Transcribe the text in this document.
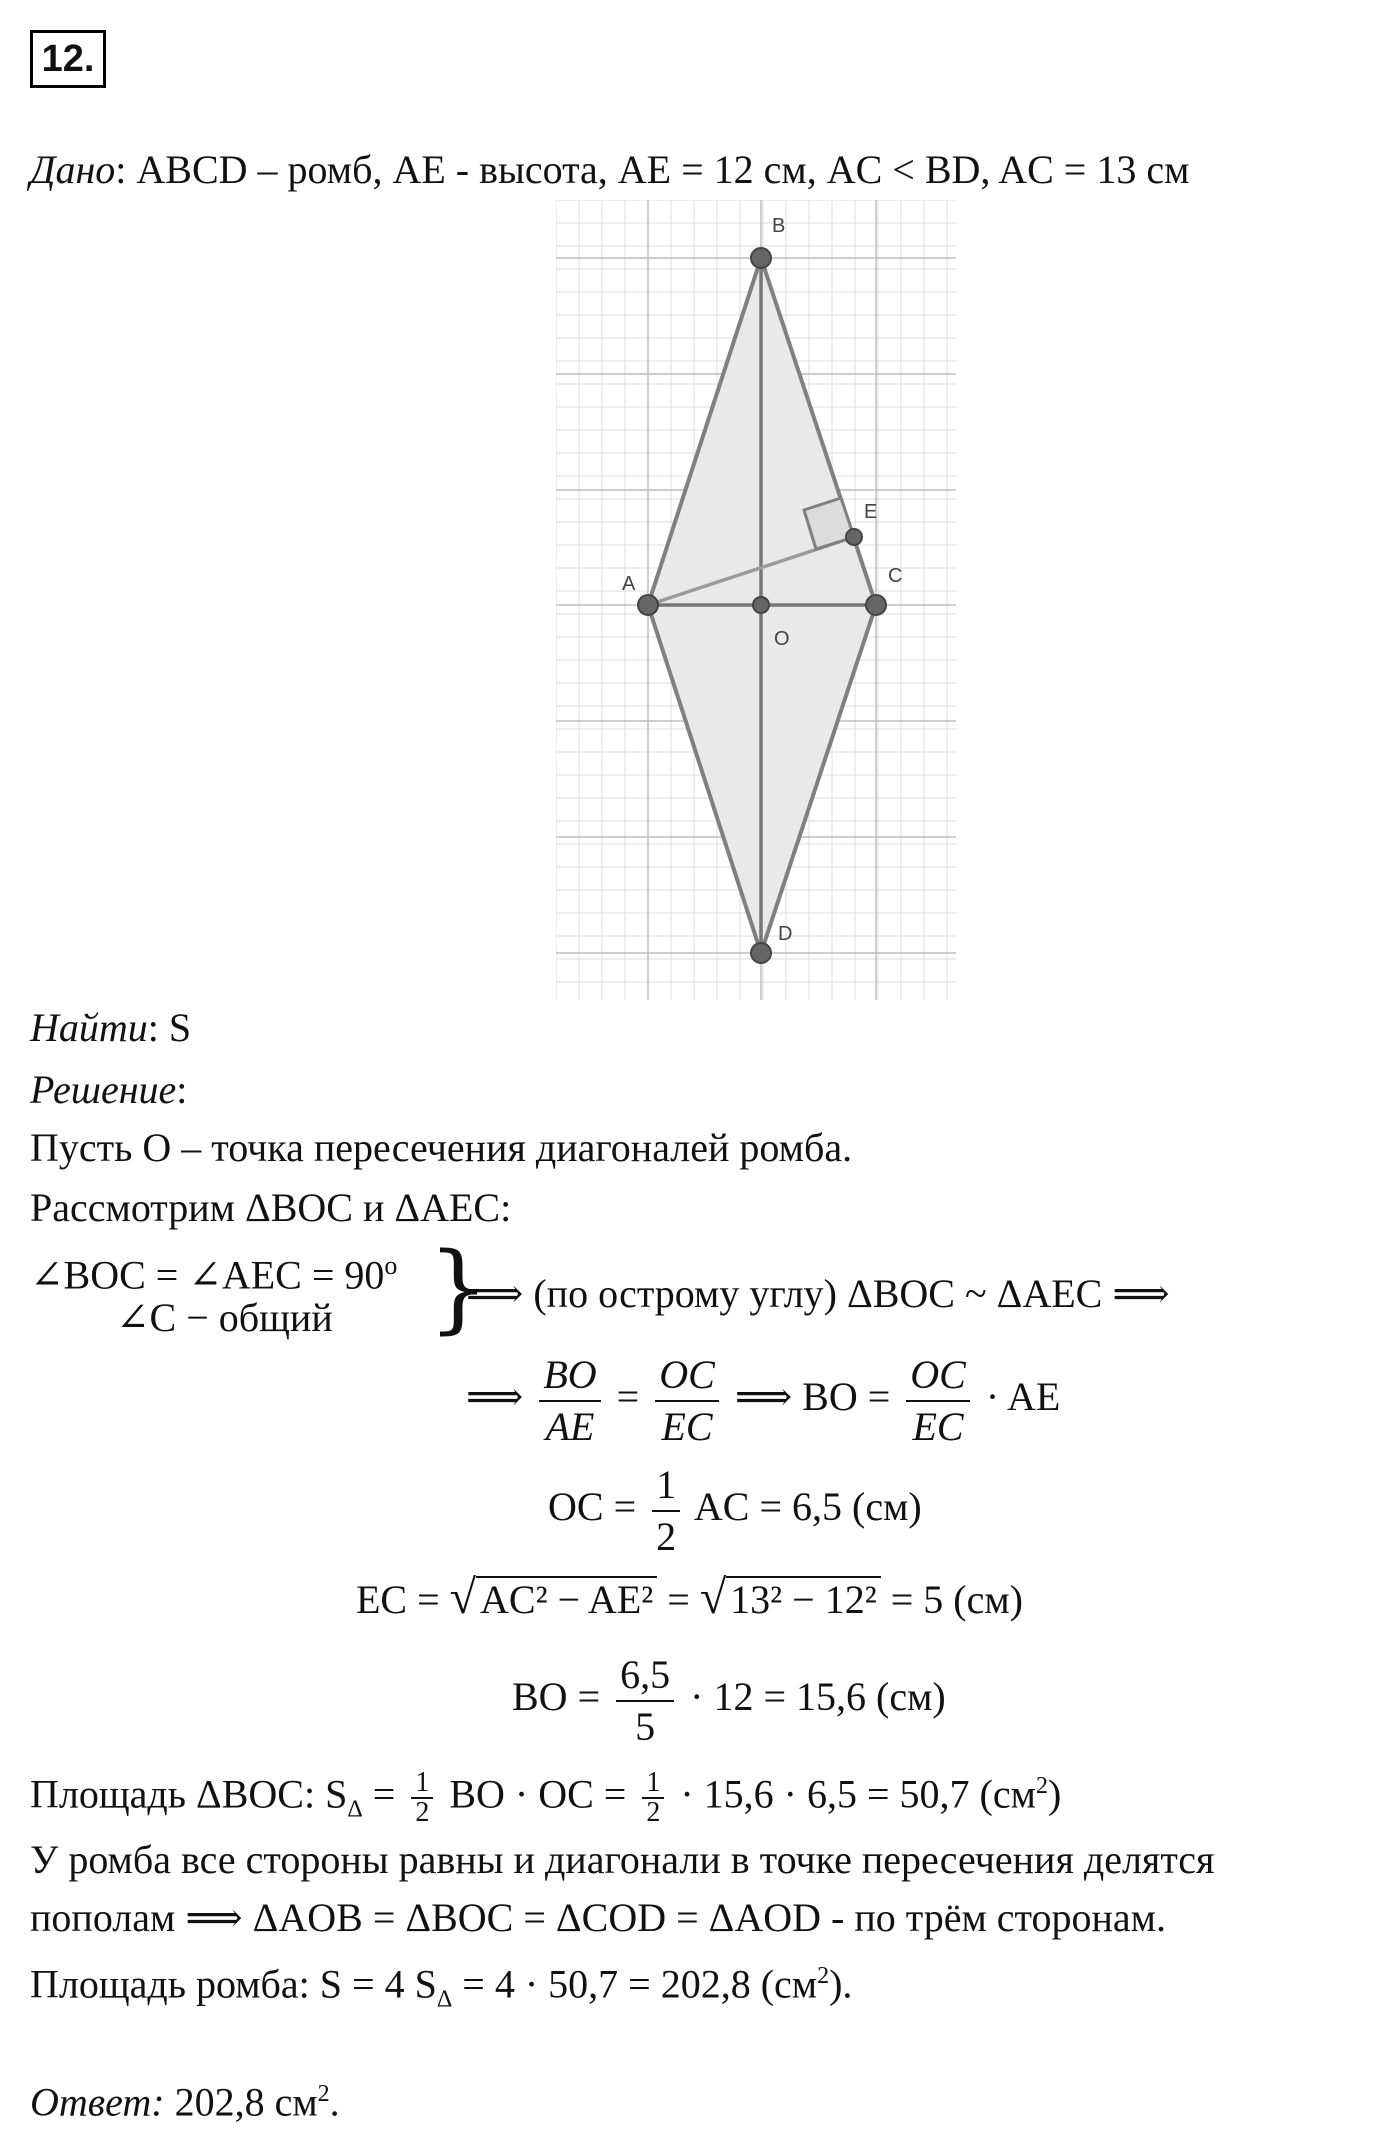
12.
Дано: ABCD – ромб, AE - высота, AE = 12 см, AC < BD, AC = 13 см
B
A	C
D
E
O
Найти: S
Решение:
Пусть O – точка пересечения диагоналей ромба.
Рассмотрим ΔBOC и ΔAEC:
∠BOC = ∠AEC = $90^o$
∠C − общий }
⟹ (по острому углу) ΔBOC ~ ΔAEC ⟹
⟹ $\frac{BO}{AE} = \frac{OC}{EC}$ ⟹ BO = $\frac{OC}{EC}$ · AE
OC = $\frac{1}{2}$ AC = 6,5 (см)
EC = √ AC² − AE² = √ 13² − 12² = 5 (см)
BO = $\frac{6,5}{5} \cdot 12 = 15,6$ (см)
Площадь ΔBOC: $S_\Delta = \frac{1}{2}$ BO · OC = $\frac{1}{2} \cdot 15,6 \cdot 6,5 = 50,7$ $(см^2)$
У ромба все стороны равны и диагонали в точке пересечения делятся
пополам ⟹ ΔAOB = ΔBOC = ΔCOD = ΔAOD - по трём сторонам.
Площадь ромба: S = 4 $S_\Delta = 4 \cdot 50,7 = 202,8$ $(см^2)$.
Ответ: 202,8 $см^2$.
